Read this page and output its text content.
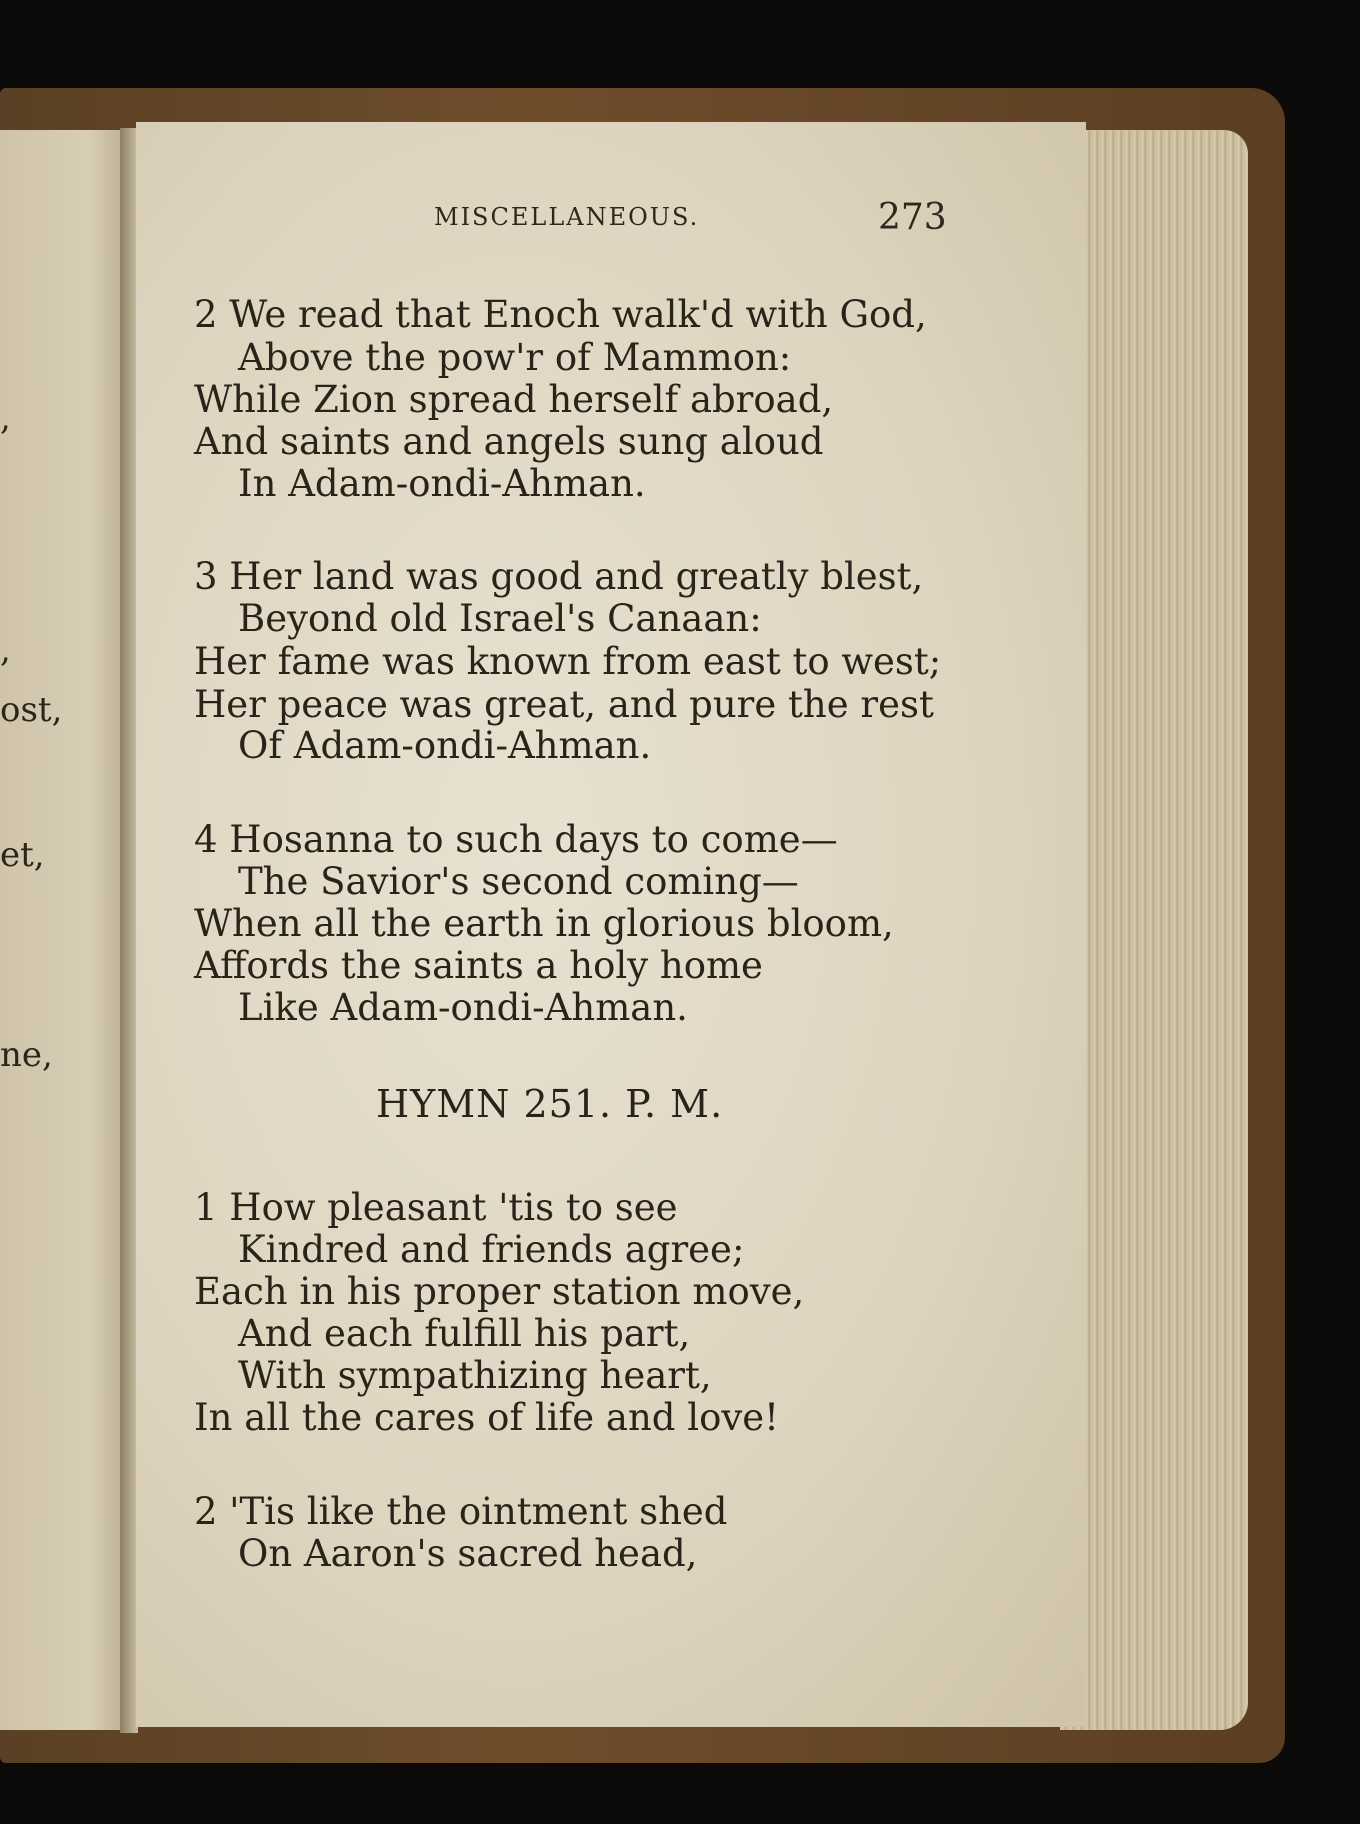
,
,
ost,
et,
ne,
MISCELLANEOUS.	273
2 We read that Enoch walk'd with God,
Above the pow'r of Mammon:
While Zion spread herself abroad,
And saints and angels sung aloud
In Adam-ondi-Ahman.
3 Her land was good and greatly blest,
Beyond old Israel's Canaan:
Her fame was known from east to west;
Her peace was great, and pure the rest
Of Adam-ondi-Ahman.
4 Hosanna to such days to come—
The Savior's second coming—
When all the earth in glorious bloom,
Affords the saints a holy home
Like Adam-ondi-Ahman.
1 How pleasant 'tis to see
Kindred and friends agree;
Each in his proper station move,
And each fulfill his part,
With sympathizing heart,
In all the cares of life and love!
2 'Tis like the ointment shed
On Aaron's sacred head,
HYMN 251. P. M.
